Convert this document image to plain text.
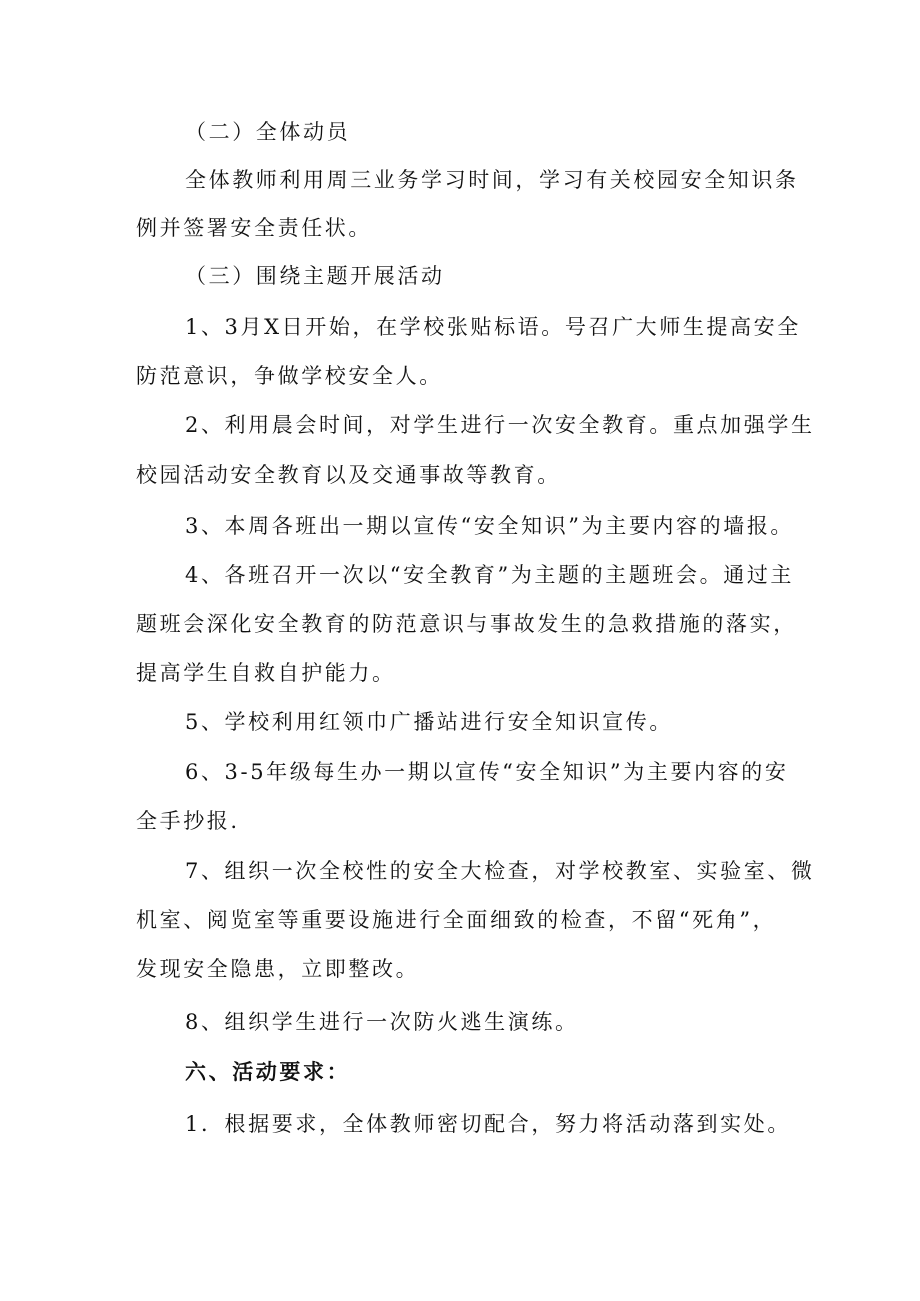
（二）全体动员
全体教师利用周三业务学习时间，学习有关校园安全知识条
例并签署安全责任状。
（三）围绕主题开展活动
1、3月X日开始，在学校张贴标语。号召广大师生提高安全
防范意识，争做学校安全人。
2、利用晨会时间，对学生进行一次安全教育。重点加强学生
校园活动安全教育以及交通事故等教育。
3、本周各班出一期以宣传“安全知识”为主要内容的墙报。
4、各班召开一次以“安全教育”为主题的主题班会。通过主
题班会深化安全教育的防范意识与事故发生的急救措施的落实，
提高学生自救自护能力。
5、学校利用红领巾广播站进行安全知识宣传。
6、3-5年级每生办一期以宣传“安全知识”为主要内容的安
全手抄报.
7、组织一次全校性的安全大检查，对学校教室、实验室、微
机室、阅览室等重要设施进行全面细致的检查，不留“死角”，
发现安全隐患，立即整改。
8、组织学生进行一次防火逃生演练。
六、活动要求：
1．根据要求，全体教师密切配合，努力将活动落到实处。
